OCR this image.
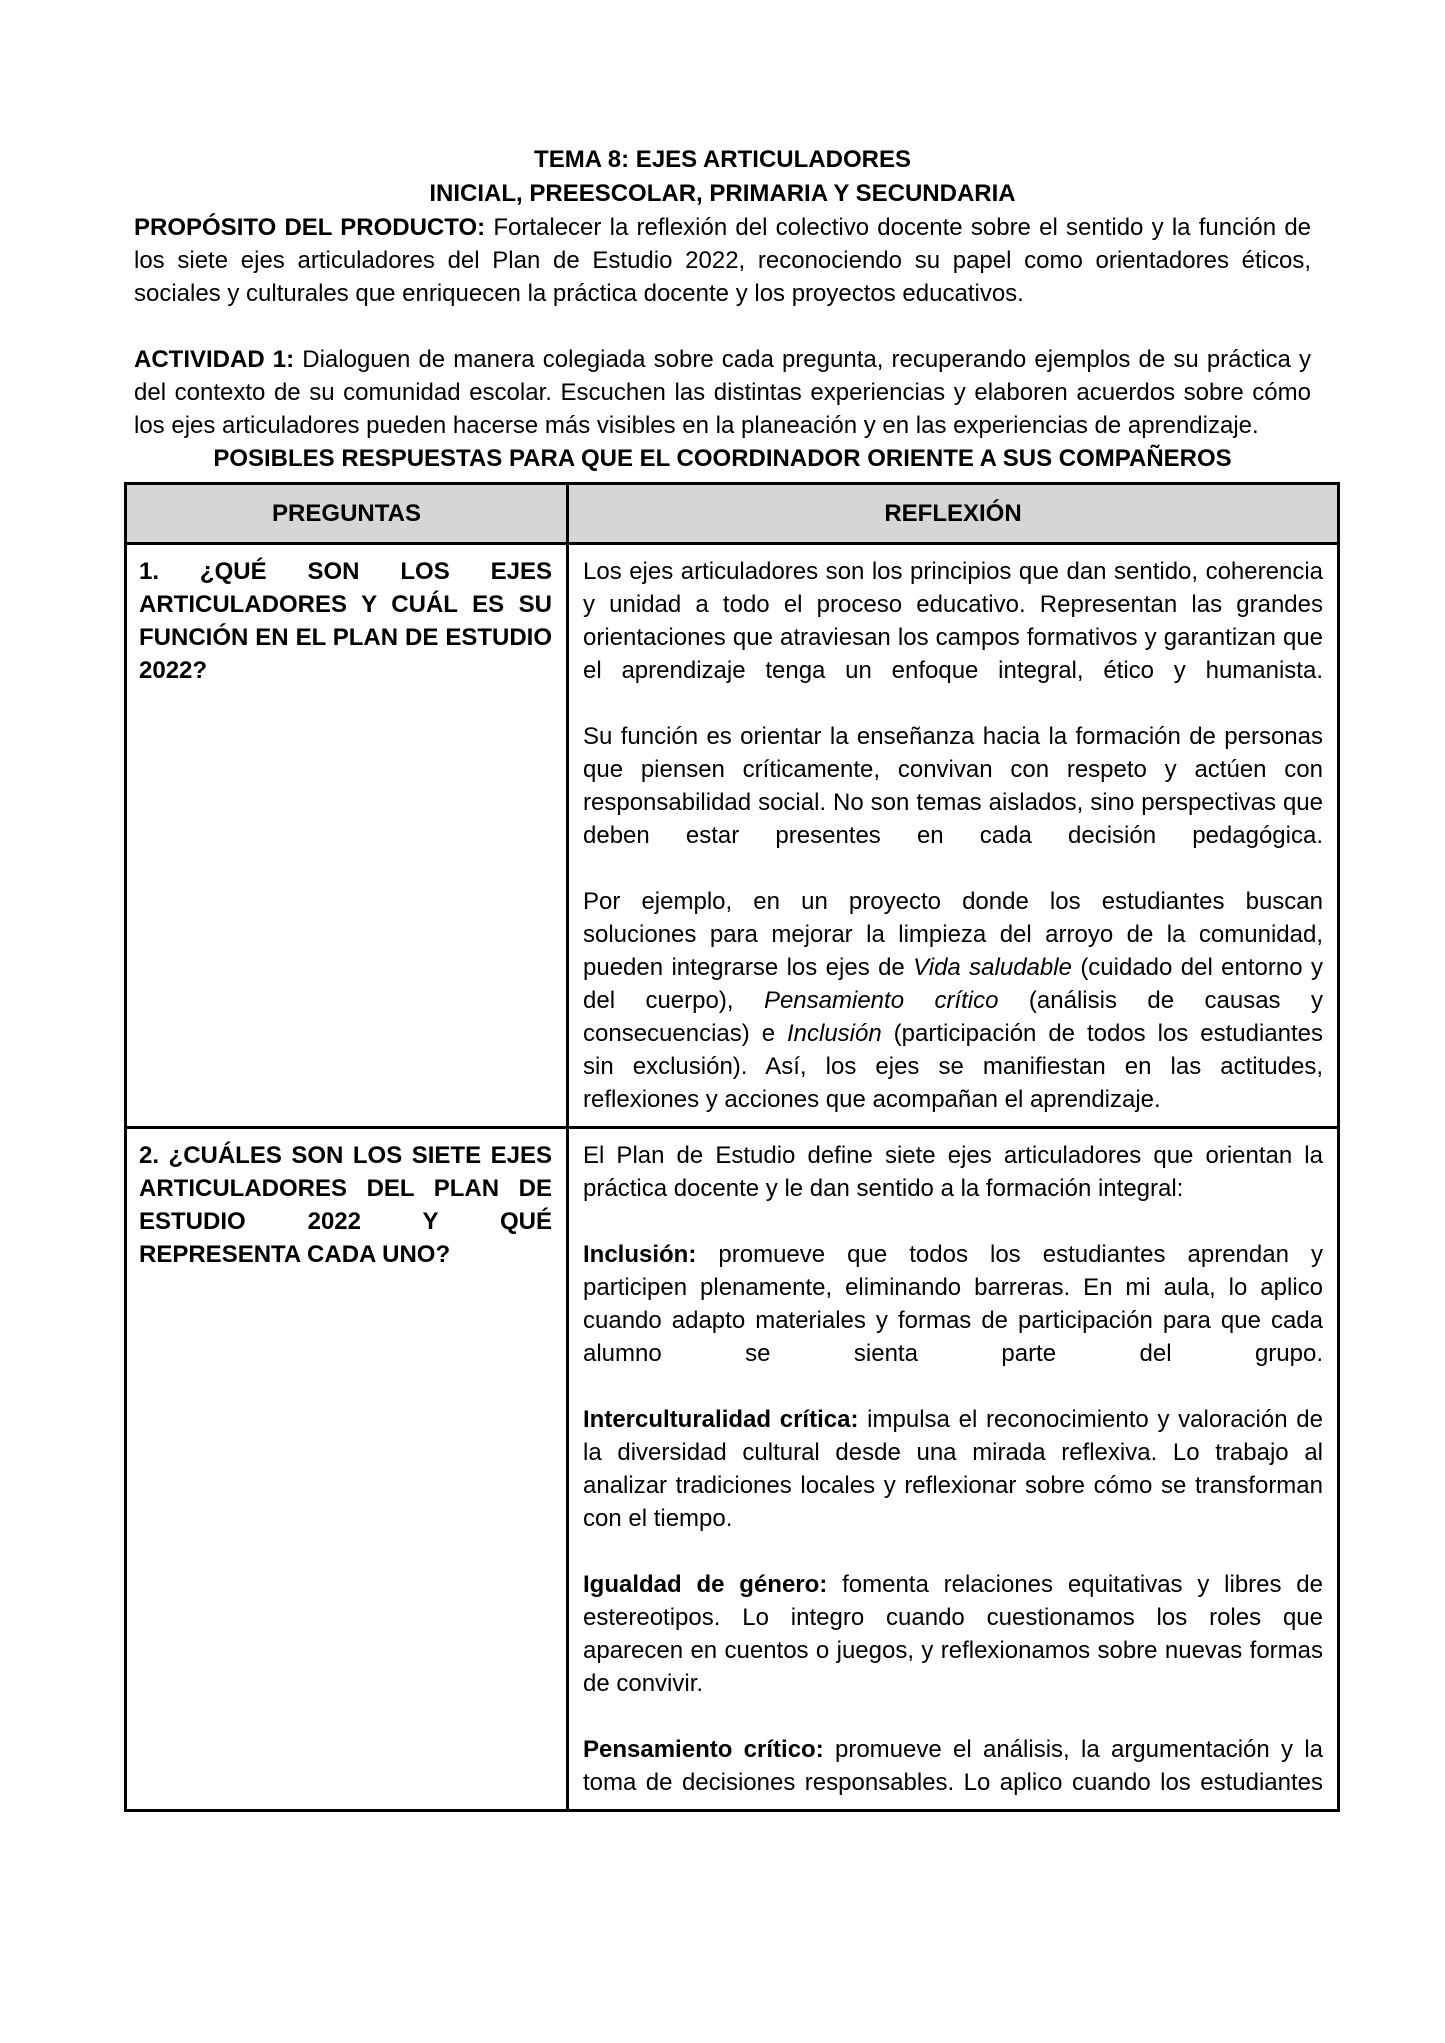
TEMA 8: EJES ARTICULADORES
INICIAL, PREESCOLAR, PRIMARIA Y SECUNDARIA

PROPÓSITO DEL PRODUCTO: Fortalecer la reflexión del colectivo docente sobre el sentido y la función de los siete ejes articuladores del Plan de Estudio 2022, reconociendo su papel como orientadores éticos, sociales y culturales que enriquecen la práctica docente y los proyectos educativos.

ACTIVIDAD 1: Dialoguen de manera colegiada sobre cada pregunta, recuperando ejemplos de su práctica y del contexto de su comunidad escolar. Escuchen las distintas experiencias y elaboren acuerdos sobre cómo los ejes articuladores pueden hacerse más visibles en la planeación y en las experiencias de aprendizaje.

POSIBLES RESPUESTAS PARA QUE EL COORDINADOR ORIENTE A SUS COMPAÑEROS

PREGUNTAS	REFLEXIÓN

1. ¿QUÉ SON LOS EJES ARTICULADORES Y CUÁL ES SU FUNCIÓN EN EL PLAN DE ESTUDIO 2022?	Los ejes articuladores son los principios que dan sentido, coherencia y unidad a todo el proceso educativo. Representan las grandes orientaciones que atraviesan los campos formativos y garantizan que el aprendizaje tenga un enfoque integral, ético y humanista.

Su función es orientar la enseñanza hacia la formación de personas que piensen críticamente, convivan con respeto y actúen con responsabilidad social. No son temas aislados, sino perspectivas que deben estar presentes en cada decisión pedagógica.

Por ejemplo, en un proyecto donde los estudiantes buscan soluciones para mejorar la limpieza del arroyo de la comunidad, pueden integrarse los ejes de Vida saludable (cuidado del entorno y del cuerpo), Pensamiento crítico (análisis de causas y consecuencias) e Inclusión (participación de todos los estudiantes sin exclusión). Así, los ejes se manifiestan en las actitudes, reflexiones y acciones que acompañan el aprendizaje.

2. ¿CUÁLES SON LOS SIETE EJES ARTICULADORES DEL PLAN DE ESTUDIO 2022 Y QUÉ REPRESENTA CADA UNO?	El Plan de Estudio define siete ejes articuladores que orientan la práctica docente y le dan sentido a la formación integral:

Inclusión: promueve que todos los estudiantes aprendan y participen plenamente, eliminando barreras. En mi aula, lo aplico cuando adapto materiales y formas de participación para que cada alumno se sienta parte del grupo.

Interculturalidad crítica: impulsa el reconocimiento y valoración de la diversidad cultural desde una mirada reflexiva. Lo trabajo al analizar tradiciones locales y reflexionar sobre cómo se transforman con el tiempo.

Igualdad de género: fomenta relaciones equitativas y libres de estereotipos. Lo integro cuando cuestionamos los roles que aparecen en cuentos o juegos, y reflexionamos sobre nuevas formas de convivir.

Pensamiento crítico: promueve el análisis, la argumentación y la toma de decisiones responsables. Lo aplico cuando los estudiantes
